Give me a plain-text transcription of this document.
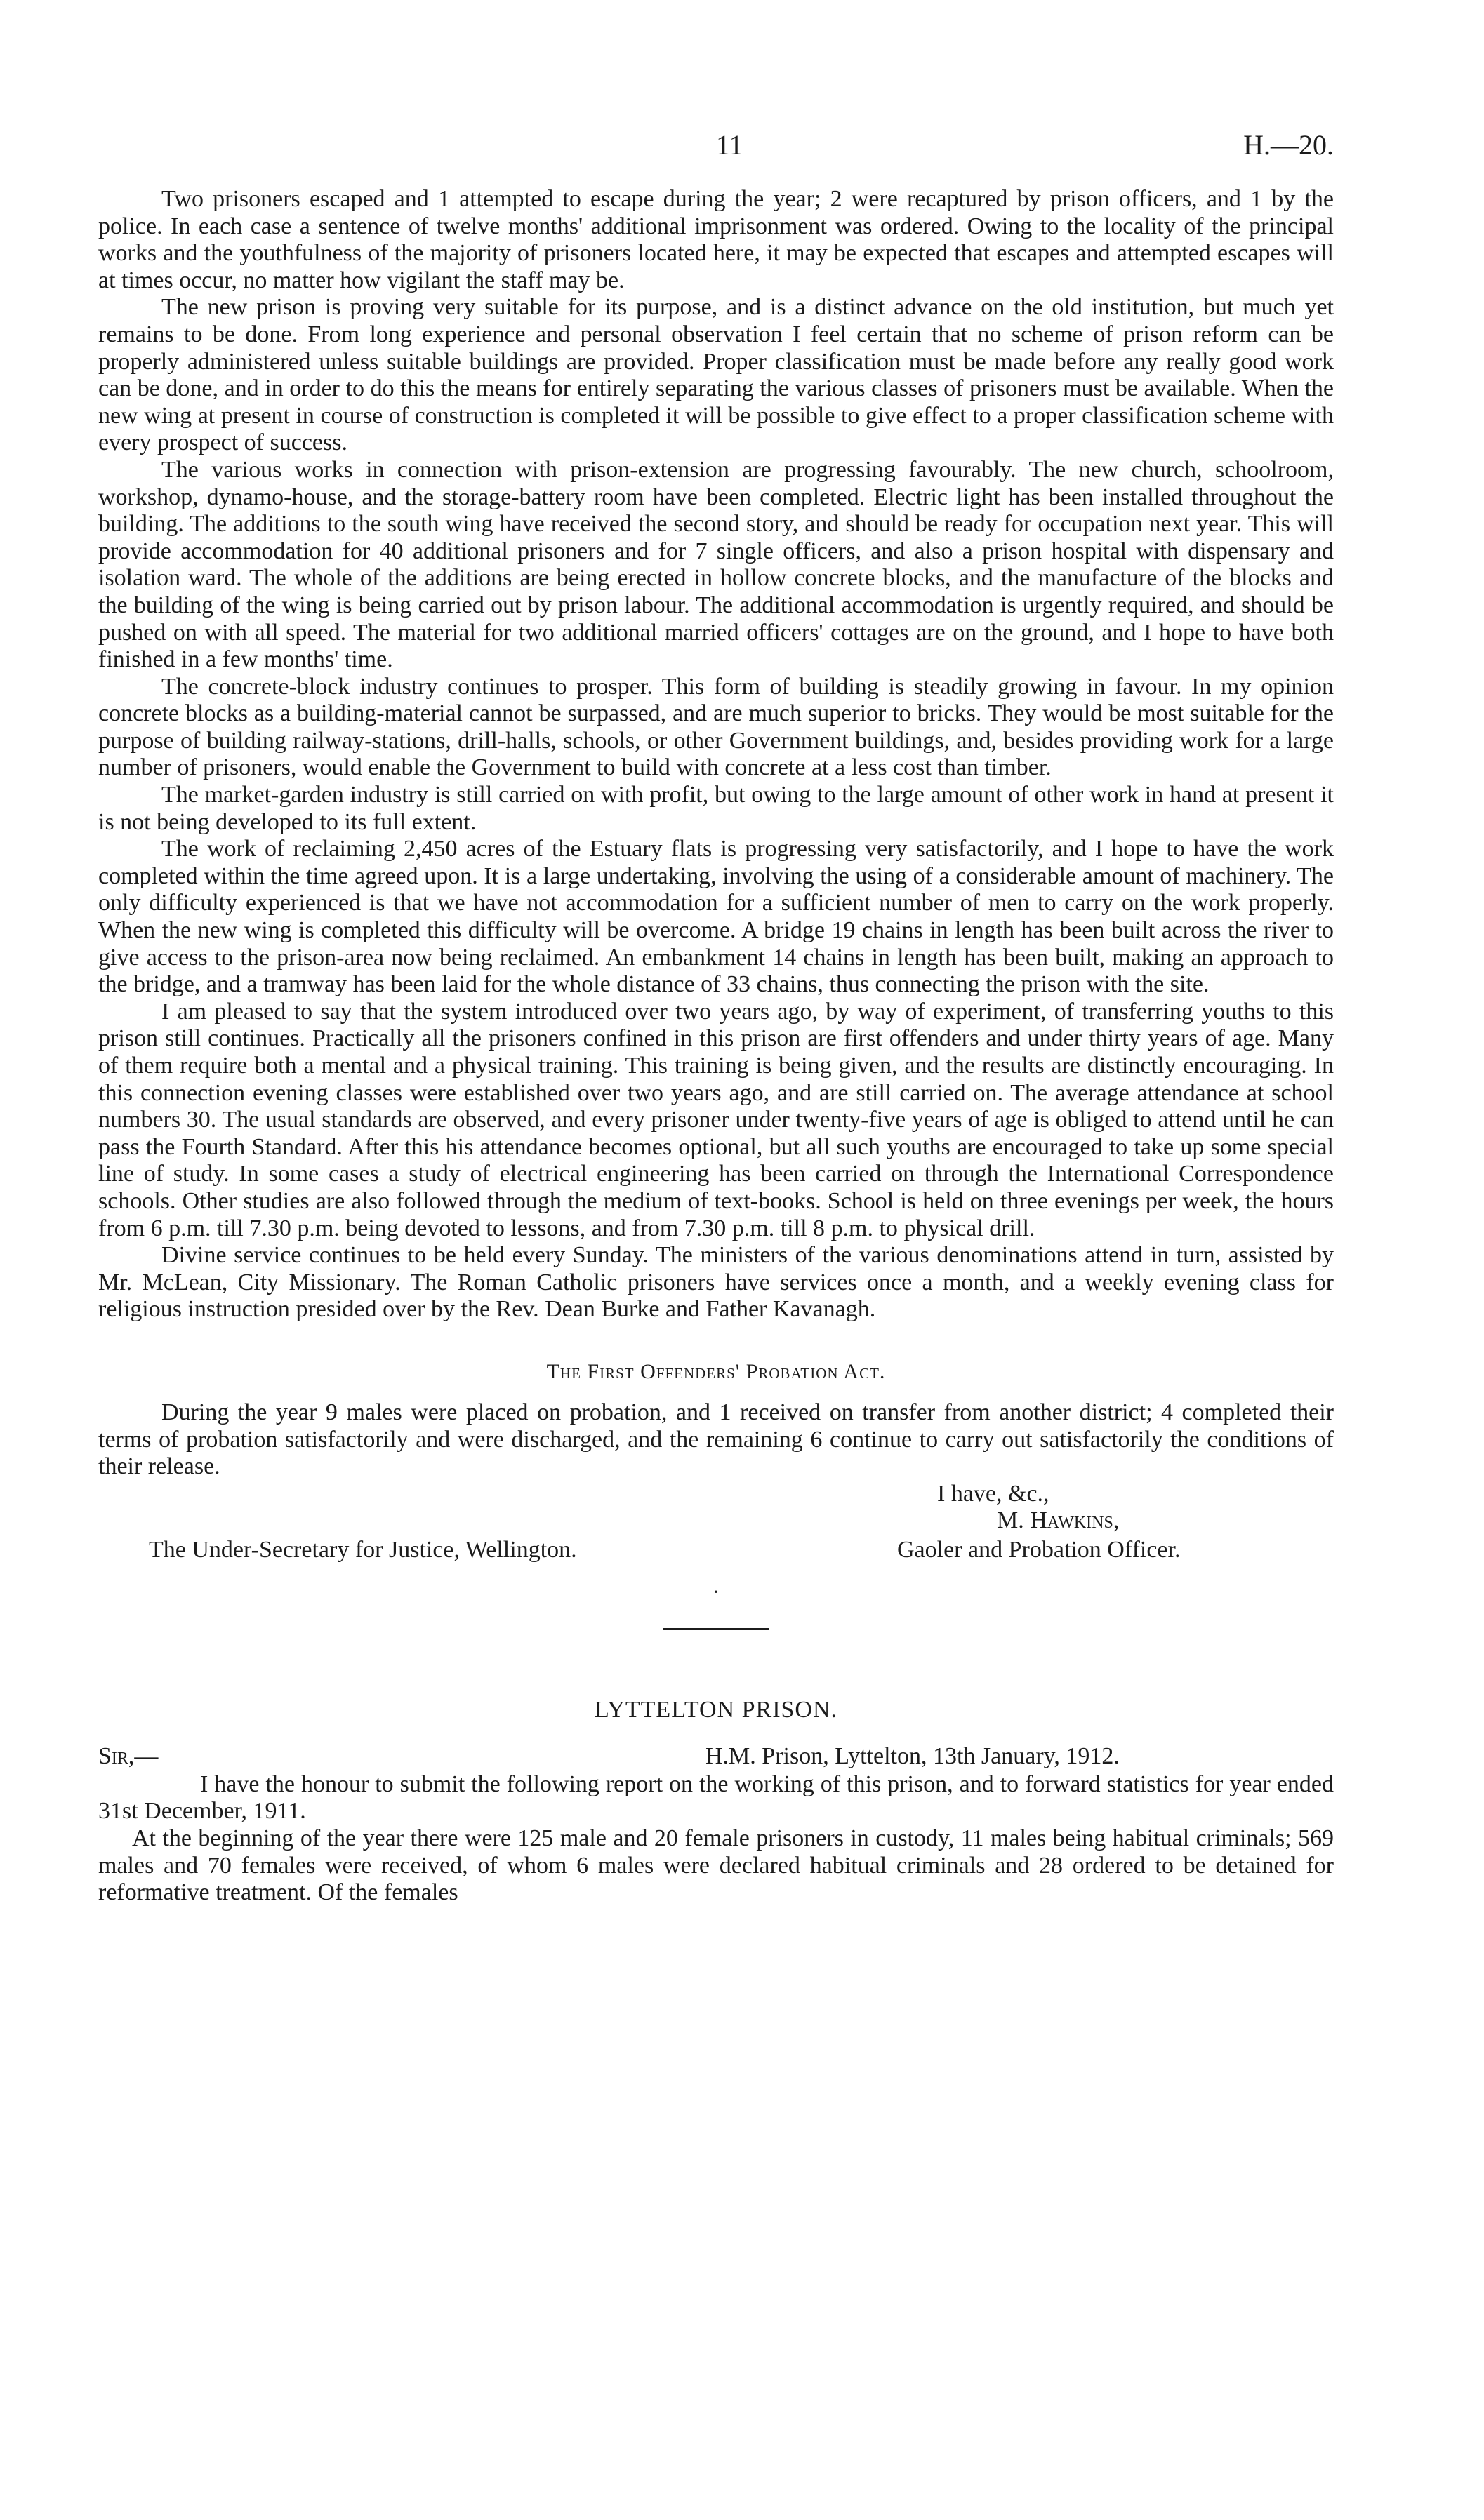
11	H.—20.

Two prisoners escaped and 1 attempted to escape during the year; 2 were recaptured by prison officers, and 1 by the police. In each case a sentence of twelve months' additional imprisonment was ordered. Owing to the locality of the principal works and the youthfulness of the majority of prisoners located here, it may be expected that escapes and attempted escapes will at times occur, no matter how vigilant the staff may be.

The new prison is proving very suitable for its purpose, and is a distinct advance on the old institution, but much yet remains to be done. From long experience and personal observation I feel certain that no scheme of prison reform can be properly administered unless suitable buildings are provided. Proper classification must be made before any really good work can be done, and in order to do this the means for entirely separating the various classes of prisoners must be available. When the new wing at present in course of construction is completed it will be possible to give effect to a proper classification scheme with every prospect of success.

The various works in connection with prison-extension are progressing favourably. The new church, schoolroom, workshop, dynamo-house, and the storage-battery room have been completed. Electric light has been installed throughout the building. The additions to the south wing have received the second story, and should be ready for occupation next year. This will provide accommodation for 40 additional prisoners and for 7 single officers, and also a prison hospital with dispensary and isolation ward. The whole of the additions are being erected in hollow concrete blocks, and the manufacture of the blocks and the building of the wing is being carried out by prison labour. The additional accommodation is urgently required, and should be pushed on with all speed. The material for two additional married officers' cottages are on the ground, and I hope to have both finished in a few months' time.

The concrete-block industry continues to prosper. This form of building is steadily growing in favour. In my opinion concrete blocks as a building-material cannot be surpassed, and are much superior to bricks. They would be most suitable for the purpose of building railway-stations, drill-halls, schools, or other Government buildings, and, besides providing work for a large number of prisoners, would enable the Government to build with concrete at a less cost than timber.

The market-garden industry is still carried on with profit, but owing to the large amount of other work in hand at present it is not being developed to its full extent.

The work of reclaiming 2,450 acres of the Estuary flats is progressing very satisfactorily, and I hope to have the work completed within the time agreed upon. It is a large undertaking, involving the using of a considerable amount of machinery. The only difficulty experienced is that we have not accommodation for a sufficient number of men to carry on the work properly. When the new wing is completed this difficulty will be overcome. A bridge 19 chains in length has been built across the river to give access to the prison-area now being reclaimed. An embankment 14 chains in length has been built, making an approach to the bridge, and a tramway has been laid for the whole distance of 33 chains, thus connecting the prison with the site.

I am pleased to say that the system introduced over two years ago, by way of experiment, of transferring youths to this prison still continues. Practically all the prisoners confined in this prison are first offenders and under thirty years of age. Many of them require both a mental and a physical training. This training is being given, and the results are distinctly encouraging. In this connection evening classes were established over two years ago, and are still carried on. The average attendance at school numbers 30. The usual standards are observed, and every prisoner under twenty-five years of age is obliged to attend until he can pass the Fourth Standard. After this his attendance becomes optional, but all such youths are encouraged to take up some special line of study. In some cases a study of electrical engineering has been carried on through the International Correspondence schools. Other studies are also followed through the medium of text-books. School is held on three evenings per week, the hours from 6 p.m. till 7.30 p.m. being devoted to lessons, and from 7.30 p.m. till 8 p.m. to physical drill.

Divine service continues to be held every Sunday. The ministers of the various denominations attend in turn, assisted by Mr. McLean, City Missionary. The Roman Catholic prisoners have services once a month, and a weekly evening class for religious instruction presided over by the Rev. Dean Burke and Father Kavanagh.

The First Offenders' Probation Act.

During the year 9 males were placed on probation, and 1 received on transfer from another district; 4 completed their terms of probation satisfactorily and were discharged, and the remaining 6 continue to carry out satisfactorily the conditions of their release.

I have, &c.,
M. Hawkins,
The Under-Secretary for Justice, Wellington.	Gaoler and Probation Officer.
·
LYTTELTON PRISON.
Sir,—	H.M. Prison, Lyttelton, 13th January, 1912.

I have the honour to submit the following report on the working of this prison, and to forward statistics for year ended 31st December, 1911.

At the beginning of the year there were 125 male and 20 female prisoners in custody, 11 males being habitual criminals; 569 males and 70 females were received, of whom 6 males were declared habitual criminals and 28 ordered to be detained for reformative treatment. Of the females
